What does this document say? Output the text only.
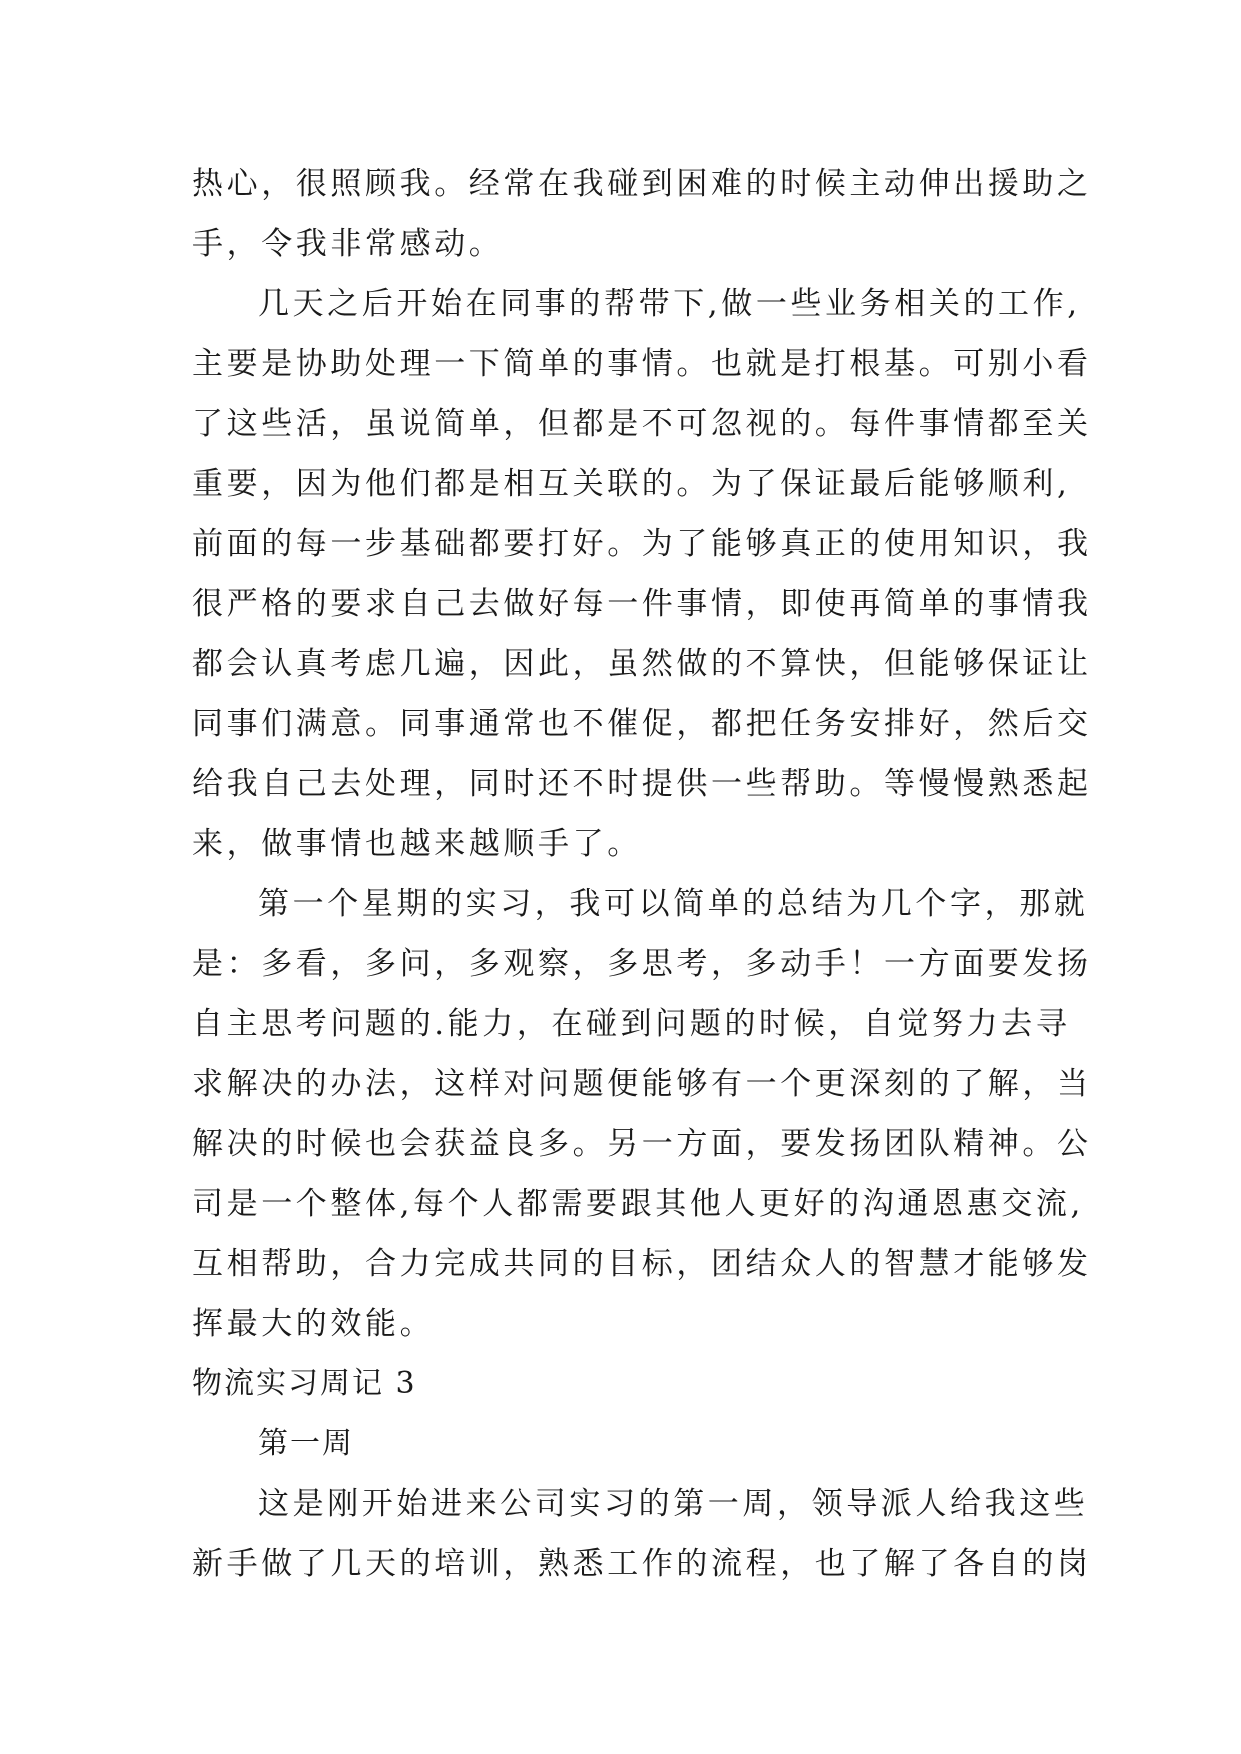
热心，很照顾我。经常在我碰到困难的时候主动伸出援助之
手，令我非常感动。
几天之后开始在同事的帮带下,做一些业务相关的工作,
主要是协助处理一下简单的事情。也就是打根基。可别小看
了这些活，虽说简单，但都是不可忽视的。每件事情都至关
重要，因为他们都是相互关联的。为了保证最后能够顺利,
前面的每一步基础都要打好。为了能够真正的使用知识，我
很严格的要求自己去做好每一件事情，即使再简单的事情我
都会认真考虑几遍，因此，虽然做的不算快，但能够保证让
同事们满意。同事通常也不催促，都把任务安排好，然后交
给我自己去处理，同时还不时提供一些帮助。等慢慢熟悉起
来，做事情也越来越顺手了。
第一个星期的实习，我可以简单的总结为几个字，那就
是：多看，多问，多观察，多思考，多动手！一方面要发扬
自主思考问题的.能力，在碰到问题的时候，自觉努力去寻
求解决的办法，这样对问题便能够有一个更深刻的了解，当
解决的时候也会获益良多。另一方面，要发扬团队精神。公
司是一个整体,每个人都需要跟其他人更好的沟通恩惠交流,
互相帮助，合力完成共同的目标，团结众人的智慧才能够发
挥最大的效能。
物流实习周记 3
第一周
这是刚开始进来公司实习的第一周，领导派人给我这些
新手做了几天的培训，熟悉工作的流程，也了解了各自的岗
